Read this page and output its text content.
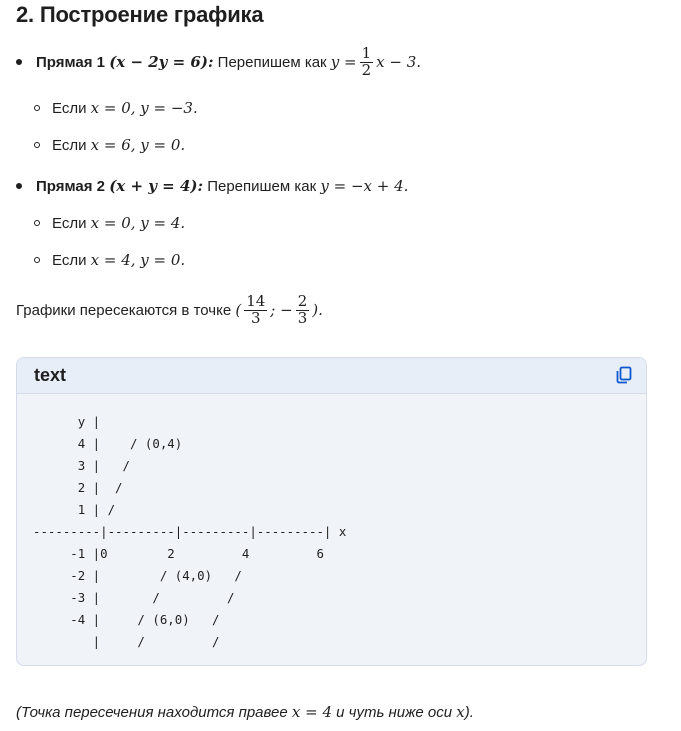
2. Построение графика
Прямая 1
(x − 2y = 6):
Перепишем как
$y = \frac{1}{2}$ x − 3.
Если
x = 0, y = −3.
Если
x = 6, y = 0.
Прямая 2
(x + y = 4):
Перепишем как
y = −x + 4.
Если
x = 0, y = 4.
Если
x = 4, y = 0.
Графики пересекаются в точке
( $\frac{14}{3}$ ; − $\frac{2}{3}$ ).
text
y |
4 |    / (0,4)
3 |   /
2 |  /
1 | /
---------|---------|---------|---------| x
-1 |0        2         4         6
-2 |        / (4,0)   /
-3 |       /         /
-4 |     / (6,0)   /
|     /         /
(Точка пересечения находится правее x = 4 и чуть ниже оси x).
